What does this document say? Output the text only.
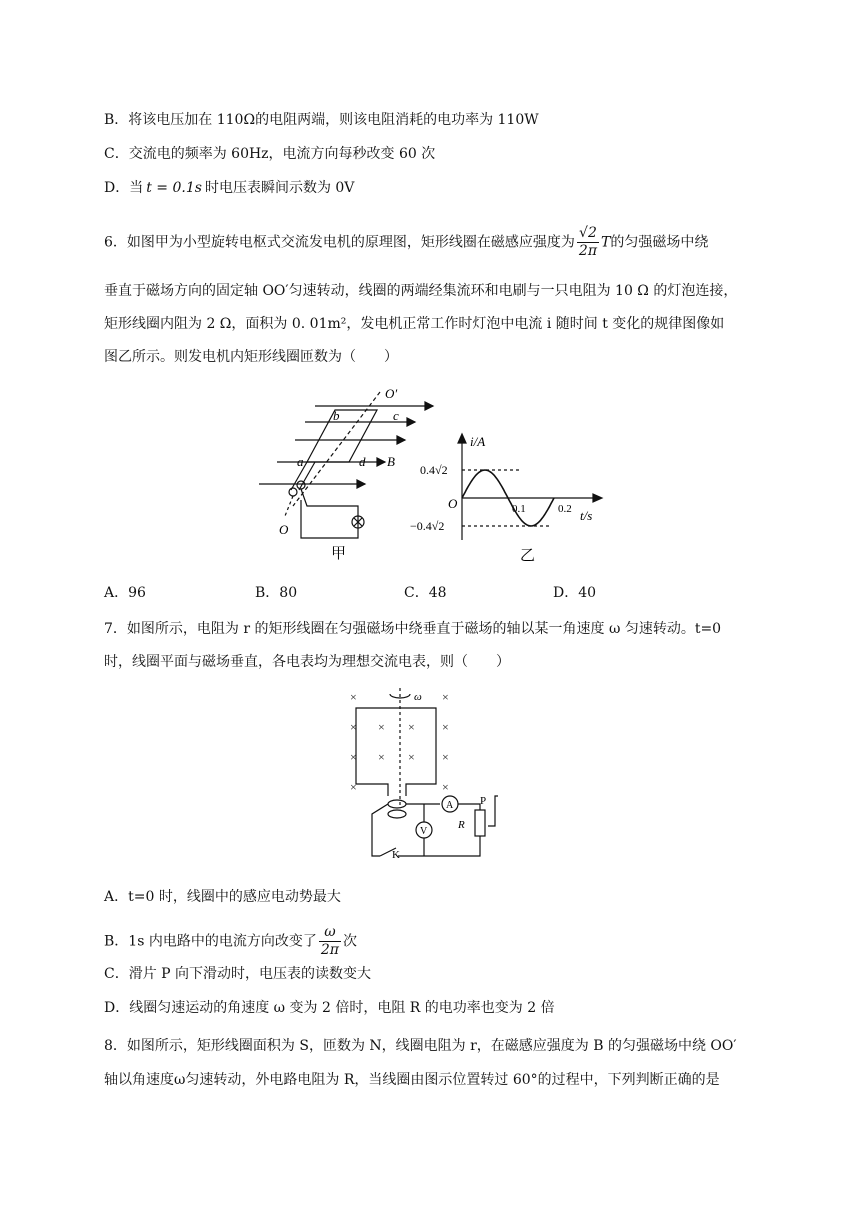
B．将该电压加在 110Ω的电阻两端，则该电阻消耗的电功率为 110W
C．交流电的频率为 60Hz，电流方向每秒改变 60 次
D．当 t = 0.1s 时电压表瞬间示数为 0V
6．如图甲为小型旋转电枢式交流发电机的原理图，矩形线圈在磁感应强度为 $\frac{√2}{2\pi}$ T的匀强磁场中绕
垂直于磁场方向的固定轴 OO′匀速转动，线圈的两端经集流环和电刷与一只电阻为 10 Ω 的灯泡连接，
矩形线圈内阻为 2 Ω，面积为 0. 01m²，发电机正常工作时灯泡中电流 i 随时间 t 变化的规律图像如
图乙所示。则发电机内矩形线圈匝数为（　　）
O′
b	c
a	d B
O
甲
i/A
t/s
O
0.4√2
−0.4√2
0.1	0.2
乙
A．96	B．80	C．48	D．40
7．如图所示，电阻为 r 的矩形线圈在匀强磁场中绕垂直于磁场的轴以某一角速度 ω 匀速转动。t=0
时，线圈平面与磁场垂直，各电表均为理想交流电表，则（　　）
×
×
×
×
×
×
×
×
×
×
×
×
ω
A
V
R
P
K
A．t=0 时，线圈中的感应电动势最大
B．1s 内电路中的电流方向改变了 $\frac{\omega}{2\pi}$ 次
C．滑片 P 向下滑动时，电压表的读数变大
D．线圈匀速运动的角速度 ω 变为 2 倍时，电阻 R 的电功率也变为 2 倍
8．如图所示，矩形线圈面积为 S，匝数为 N，线圈电阻为 r，在磁感应强度为 B 的匀强磁场中绕 OO′
轴以角速度ω匀速转动，外电路电阻为 R，当线圈由图示位置转过 60°的过程中，下列判断正确的是
